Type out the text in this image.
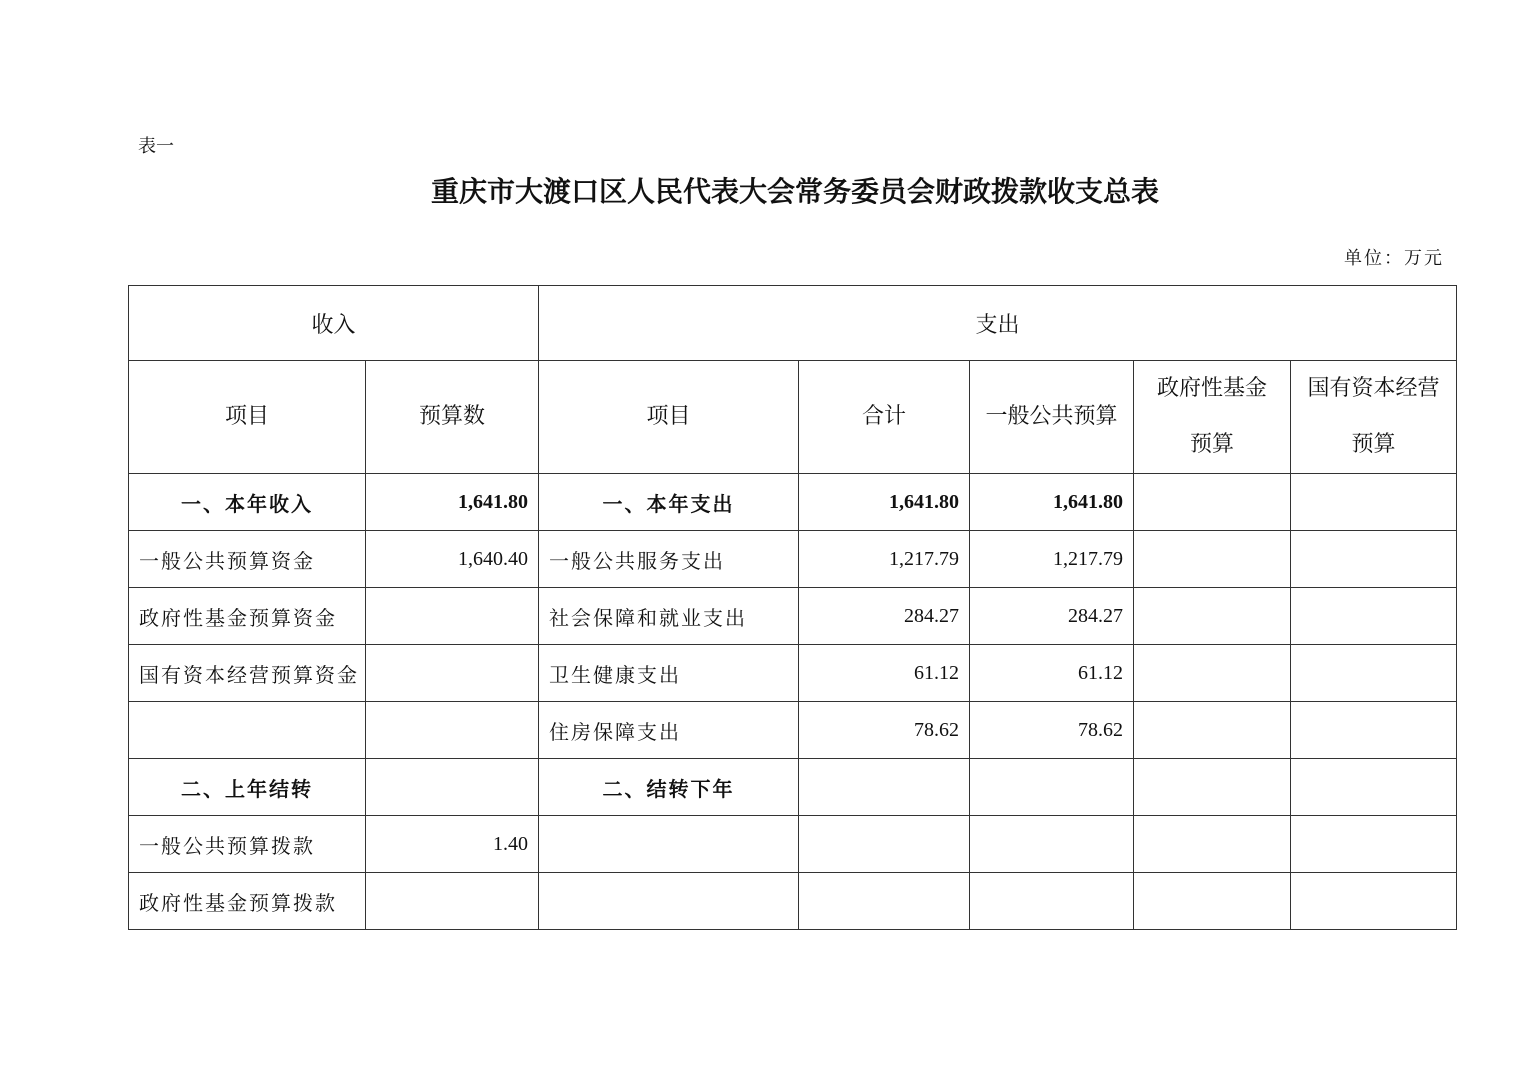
表一
重庆市大渡口区人民代表大会常务委员会财政拨款收支总表
单位：万元
收入		支出				
项目	预算数	项目	合计	一般公共预算	政府性基金预算	国有资本经营预算
一、本年收入	1,641.80	一、本年支出	1,641.80	1,641.80		
一般公共预算资金	1,640.40	一般公共服务支出	1,217.79	1,217.79		
政府性基金预算资金		社会保障和就业支出	284.27	284.27		
国有资本经营预算资金		卫生健康支出	61.12	61.12		
		住房保障支出	78.62	78.62		
二、上年结转		二、结转下年				
一般公共预算拨款	1.40					
政府性基金预算拨款						
